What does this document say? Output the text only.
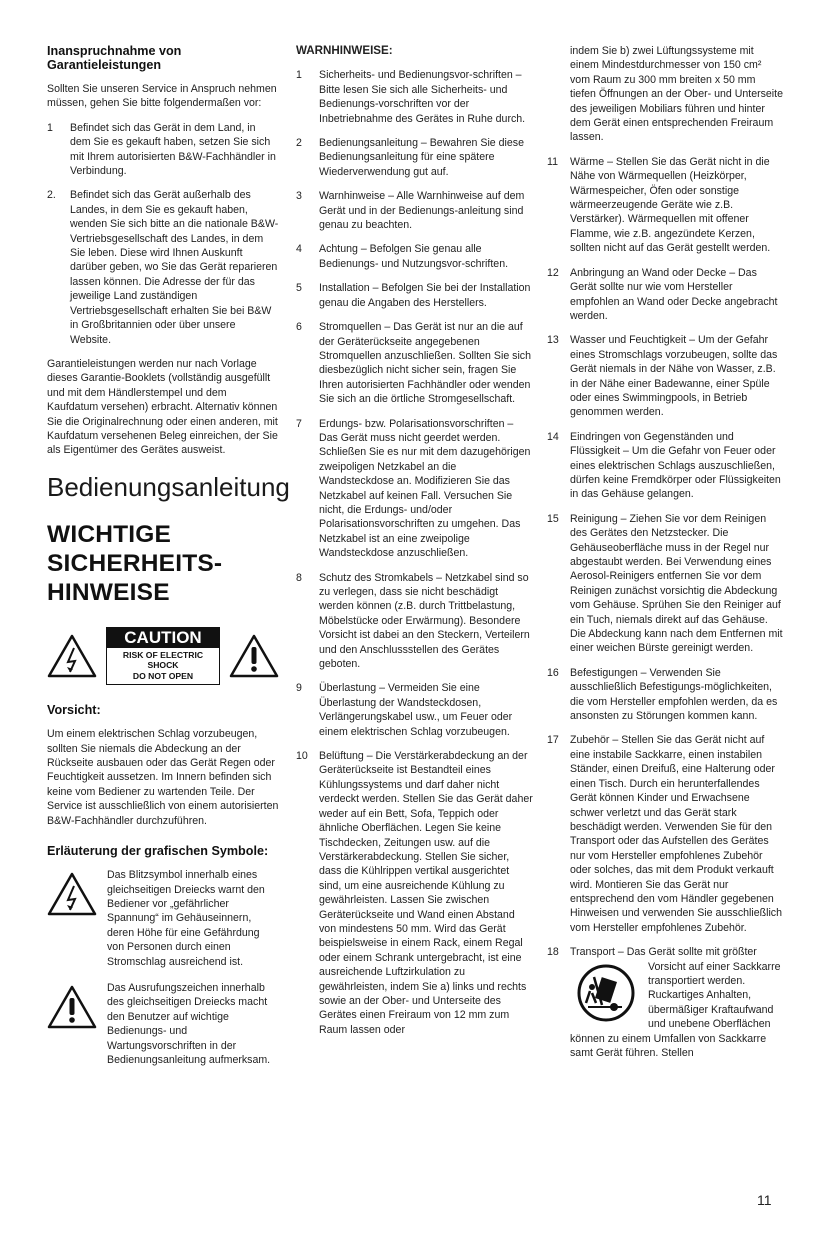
Inanspruchnahme von Garantieleistungen

Sollten Sie unseren Service in Anspruch nehmen müssen, gehen Sie bitte folgendermaßen vor:

1 Befindet sich das Gerät in dem Land, in dem Sie es gekauft haben, setzen Sie sich mit Ihrem autorisierten B&W-Fachhändler in Verbindung.
2. Befindet sich das Gerät außerhalb des Landes, in dem Sie es gekauft haben, wenden Sie sich bitte an die nationale B&W-Vertriebsgesellschaft des Landes, in dem Sie leben. Diese wird Ihnen Auskunft darüber geben, wo Sie das Gerät reparieren lassen können. Die Adresse der für das jeweilige Land zuständigen Vertriebsgesellschaft erhalten Sie bei B&W in Großbritannien oder über unsere Website.

Garantieleistungen werden nur nach Vorlage dieses Garantie-Booklets (vollständig ausgefüllt und mit dem Händlerstempel und dem Kaufdatum versehen) erbracht. Alternativ können Sie die Originalrechnung oder einen anderen, mit Kaufdatum versehenen Beleg einreichen, der Sie als Eigentümer des Gerätes ausweist.

Bedienungsanleitung
WICHTIGE
SICHERHEITS-
HINWEISE
CAUTION
RISK OF ELECTRIC SHOCK
DO NOT OPEN
Vorsicht:

Um einem elektrischen Schlag vorzubeugen, sollten Sie niemals die Abdeckung an der Rückseite ausbauen oder das Gerät Regen oder Feuchtigkeit aussetzen. Im Innern befinden sich keine vom Bediener zu wartenden Teile. Der Service ist ausschließlich von einem autorisierten B&W-Fachhändler durchzuführen.

Erläuterung der grafischen Symbole:
Das Blitzsymbol innerhalb eines gleichseitigen Dreiecks warnt den Bediener vor „gefährlicher Spannung“ im Gehäuseinnern, deren Höhe für eine Gefährdung von Personen durch einen Stromschlag ausreichend ist.
Das Ausrufungszeichen innerhalb des gleichseitigen Dreiecks macht den Benutzer auf wichtige Bedienungs- und Wartungsvorschriften in der Bedienungsanleitung aufmerksam.
WARNHINWEISE:
1 Sicherheits- und Bedienungsvor-schriften – Bitte lesen Sie sich alle Sicherheits- und Bedienungs-vorschriften vor der Inbetriebnahme des Gerätes in Ruhe durch.
2 Bedienungsanleitung – Bewahren Sie diese Bedienungsanleitung für eine spätere Wiederverwendung gut auf.
3 Warnhinweise – Alle Warnhinweise auf dem Gerät und in der Bedienungs-anleitung sind genau zu beachten.
4 Achtung – Befolgen Sie genau alle Bedienungs- und Nutzungsvor-schriften.
5 Installation – Befolgen Sie bei der Installation genau die Angaben des Herstellers.
6 Stromquellen – Das Gerät ist nur an die auf der Geräterückseite angegebenen Stromquellen anzuschließen. Sollten Sie sich diesbezüglich nicht sicher sein, fragen Sie Ihren autorisierten Fachhändler oder wenden Sie sich an die örtliche Stromgesellschaft.
7 Erdungs- bzw. Polarisationsvorschriften – Das Gerät muss nicht geerdet werden. Schließen Sie es nur mit dem dazugehörigen zweipoligen Netzkabel an die Wandsteckdose an. Modifizieren Sie das Netzkabel auf keinen Fall. Versuchen Sie nicht, die Erdungs- und/oder Polarisationsvorschriften zu umgehen. Das Netzkabel ist an eine zweipolige Wandsteckdose anzuschließen.
8 Schutz des Stromkabels – Netzkabel sind so zu verlegen, dass sie nicht beschädigt werden können (z.B. durch Trittbelastung, Möbelstücke oder Erwärmung). Besondere Vorsicht ist dabei an den Steckern, Verteilern und den Anschlussstellen des Gerätes geboten.
9 Überlastung – Vermeiden Sie eine Überlastung der Wandsteckdosen, Verlängerungskabel usw., um Feuer oder einem elektrischen Schlag vorzubeugen.
10 Belüftung – Die Verstärkerabdeckung an der Geräterückseite ist Bestandteil eines Kühlungssystems und darf daher nicht verdeckt werden. Stellen Sie das Gerät daher weder auf ein Bett, Sofa, Teppich oder ähnliche Oberflächen. Legen Sie keine Tischdecken, Zeitungen usw. auf die Verstärkerabdeckung. Stellen Sie sicher, dass die Kühlrippen vertikal ausgerichtet sind, um eine ausreichende Kühlung zu gewährleisten. Lassen Sie zwischen Geräterückseite und Wand einen Abstand von mindestens 50 mm. Wird das Gerät beispielsweise in einem Rack, einem Regal oder einem Schrank untergebracht, ist eine ausreichende Luftzirkulation zu gewährleisten, indem Sie a) links und rechts sowie an der Ober- und Unterseite des Gerätes einen Freiraum von 12 mm zum Raum lassen oder
indem Sie b) zwei Lüftungssysteme mit einem Mindestdurchmesser von 150 cm² vom Raum zu 300 mm breiten x 50 mm tiefen Öffnungen an der Ober- und Unterseite des jeweiligen Mobiliars führen und hinter dem Gerät einen entsprechenden Freiraum lassen.
11 Wärme – Stellen Sie das Gerät nicht in die Nähe von Wärmequellen (Heizkörper, Wärmespeicher, Öfen oder sonstige wärmeerzeugende Geräte wie z.B. Verstärker). Wärmequellen mit offener Flamme, wie z.B. angezündete Kerzen, sollten nicht auf das Gerät gestellt werden.
12 Anbringung an Wand oder Decke – Das Gerät sollte nur wie vom Hersteller empfohlen an Wand oder Decke angebracht werden.
13 Wasser und Feuchtigkeit – Um der Gefahr eines Stromschlags vorzubeugen, sollte das Gerät niemals in der Nähe von Wasser, z.B. in der Nähe einer Badewanne, einer Spüle oder eines Swimmingpools, in Betrieb genommen werden.
14 Eindringen von Gegenständen und Flüssigkeit – Um die Gefahr von Feuer oder eines elektrischen Schlags auszuschließen, dürfen keine Fremdkörper oder Flüssigkeiten in das Gehäuse gelangen.
15 Reinigung – Ziehen Sie vor dem Reinigen des Gerätes den Netzstecker. Die Gehäuseoberfläche muss in der Regel nur abgestaubt werden. Bei Verwendung eines Aerosol-Reinigers entfernen Sie vor dem Reinigen zunächst vorsichtig die Abdeckung vom Gehäuse. Sprühen Sie den Reiniger auf ein Tuch, niemals direkt auf das Gehäuse. Die Abdeckung kann nach dem Entfernen mit einer weichen Bürste gereinigt werden.
16 Befestigungen – Verwenden Sie ausschließlich Befestigungs-möglichkeiten, die vom Hersteller empfohlen werden, da es ansonsten zu Störungen kommen kann.
17 Zubehör – Stellen Sie das Gerät nicht auf eine instabile Sackkarre, einen instabilen Ständer, einen Dreifuß, eine Halterung oder einen Tisch. Durch ein herunterfallendes Gerät können Kinder und Erwachsene schwer verletzt und das Gerät stark beschädigt werden. Verwenden Sie für den Transport oder das Aufstellen des Gerätes nur vom Hersteller empfohlenes Zubehör oder solches, das mit dem Produkt verkauft wird. Montieren Sie das Gerät nur entsprechend den vom Händler gegebenen Hinweisen und verwenden Sie ausschließlich vom Hersteller empfohlenes Zubehör.
18 Transport – Das Gerät sollte mit größter Vorsicht auf einer Sackkarre
transportiert werden. Ruckartiges Anhalten, übermäßiger Kraftaufwand und unebene Oberflächen können zu einem Umfallen von Sackkarre samt Gerät führen. Stellen
11
